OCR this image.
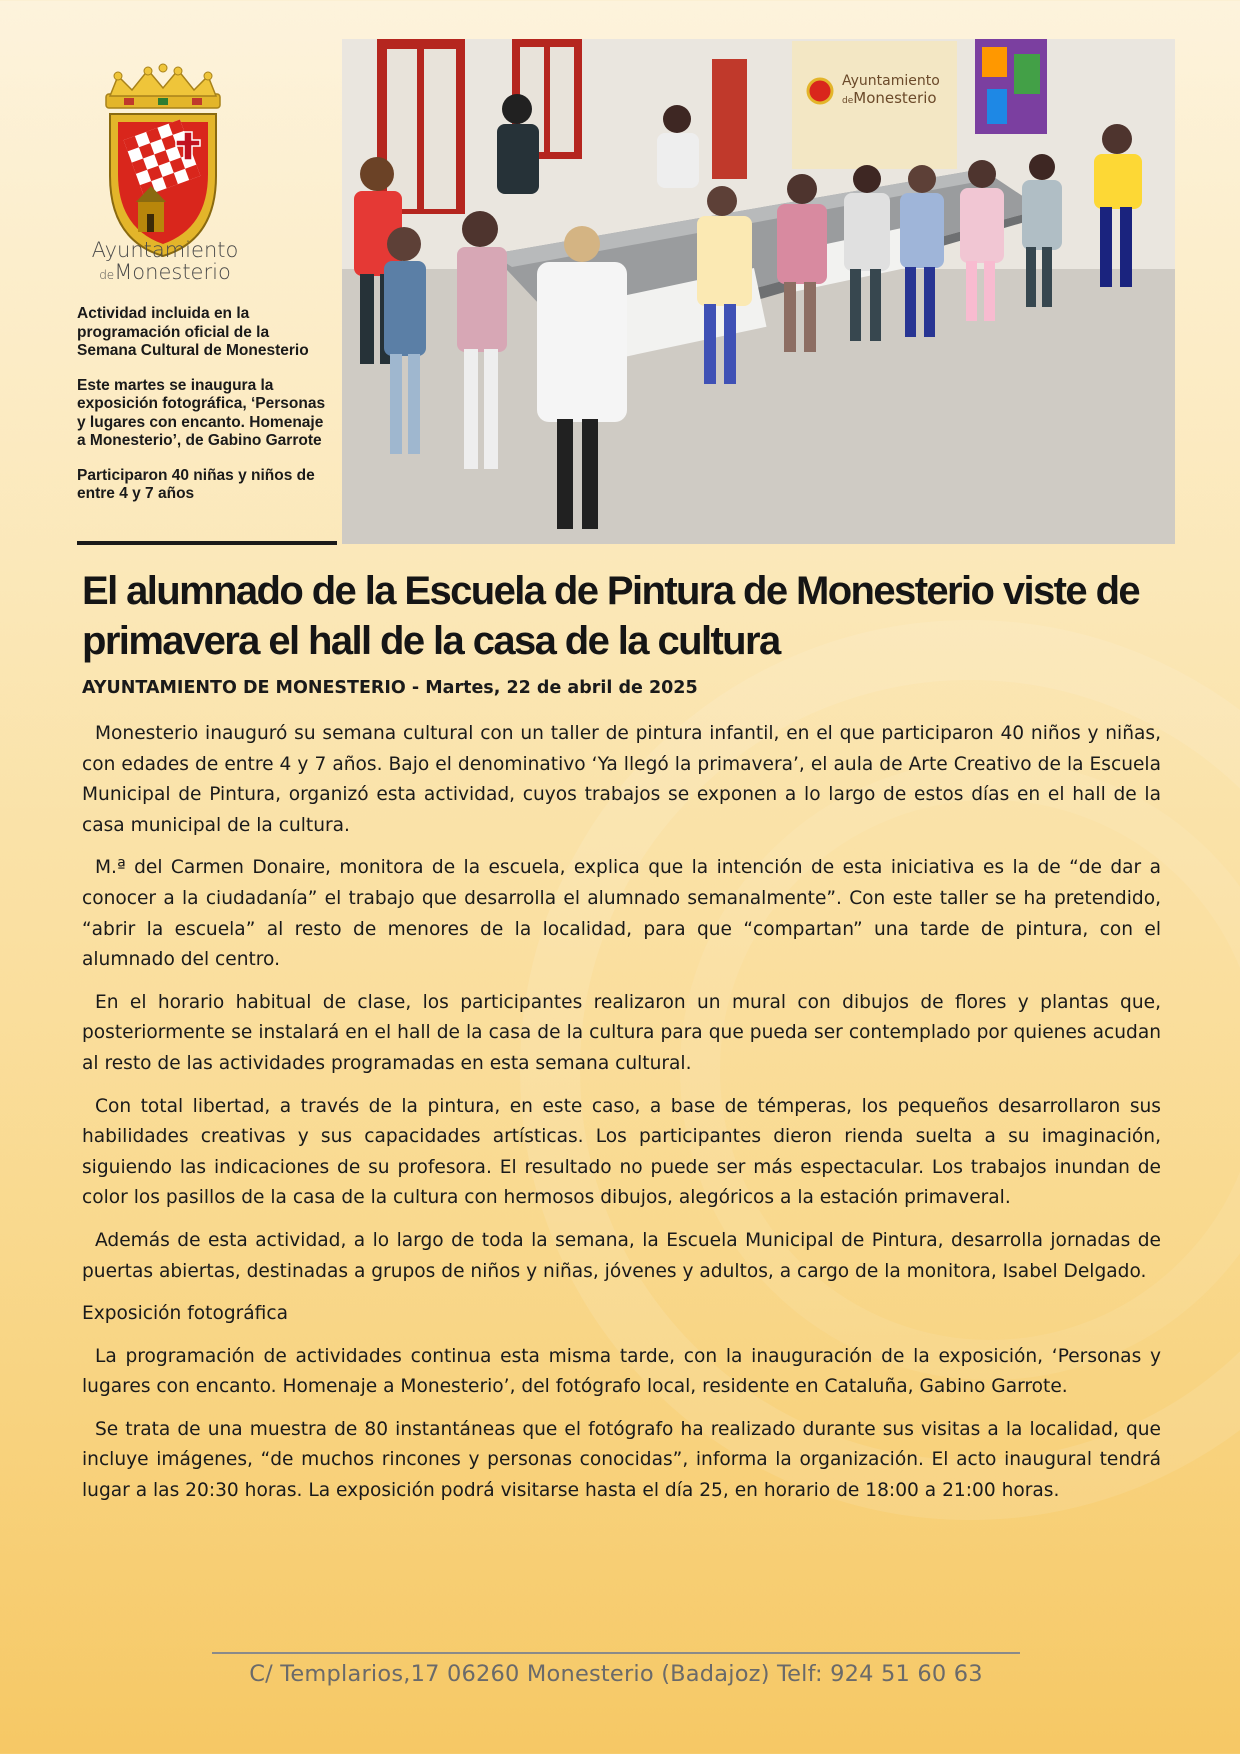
Ayuntamiento
deMonesterio

Actividad incluida en la programación oficial de la Semana Cultural de Monesterio

Este martes se inaugura la exposición fotográfica, ‘Personas y lugares con encanto. Homenaje a Monesterio’, de Gabino Garrote

Participaron 40 niñas y niños de entre 4 y 7 años

Ayuntamiento
deMonesterio
El alumnado de la Escuela de Pintura de Monesterio viste de primavera el hall de la casa de la cultura

AYUNTAMIENTO DE MONESTERIO - Martes, 22 de abril de 2025

Monesterio inauguró su semana cultural con un taller de pintura infantil, en el que participaron 40 niños y niñas, con edades de entre 4 y 7 años. Bajo el denominativo ‘Ya llegó la primavera’, el aula de Arte Creativo de la Escuela Municipal de Pintura, organizó esta actividad, cuyos trabajos se exponen a lo largo de estos días en el hall de la casa municipal de la cultura.

M.ª del Carmen Donaire, monitora de la escuela, explica que la intención de esta iniciativa es la de “de dar a conocer a la ciudadanía” el trabajo que desarrolla el alumnado semanalmente”. Con este taller se ha pretendido, “abrir la escuela” al resto de menores de la localidad, para que “compartan” una tarde de pintura, con el alumnado del centro.

En el horario habitual de clase, los participantes realizaron un mural con dibujos de flores y plantas que, posteriormente se instalará en el hall de la casa de la cultura para que pueda ser contemplado por quienes acudan al resto de las actividades programadas en esta semana cultural.

Con total libertad, a través de la pintura, en este caso, a base de témperas, los pequeños desarrollaron sus habilidades creativas y sus capacidades artísticas. Los participantes dieron rienda suelta a su imaginación, siguiendo las indicaciones de su profesora. El resultado no puede ser más espectacular. Los trabajos inundan de color los pasillos de la casa de la cultura con hermosos dibujos, alegóricos a la estación primaveral.

Además de esta actividad, a lo largo de toda la semana, la Escuela Municipal de Pintura, desarrolla jornadas de puertas abiertas, destinadas a grupos de niños y niñas, jóvenes y adultos, a cargo de la monitora, Isabel Delgado.

Exposición fotográfica

La programación de actividades continua esta misma tarde, con la inauguración de la exposición, ‘Personas y lugares con encanto. Homenaje a Monesterio’, del fotógrafo local, residente en Cataluña, Gabino Garrote.

Se trata de una muestra de 80 instantáneas que el fotógrafo ha realizado durante sus visitas a la localidad, que incluye imágenes, “de muchos rincones y personas conocidas”, informa la organización. El acto inaugural tendrá lugar a las 20:30 horas. La exposición podrá visitarse hasta el día 25, en horario de 18:00 a 21:00 horas.

C/ Templarios,17 06260 Monesterio (Badajoz) Telf: 924 51 60 63
